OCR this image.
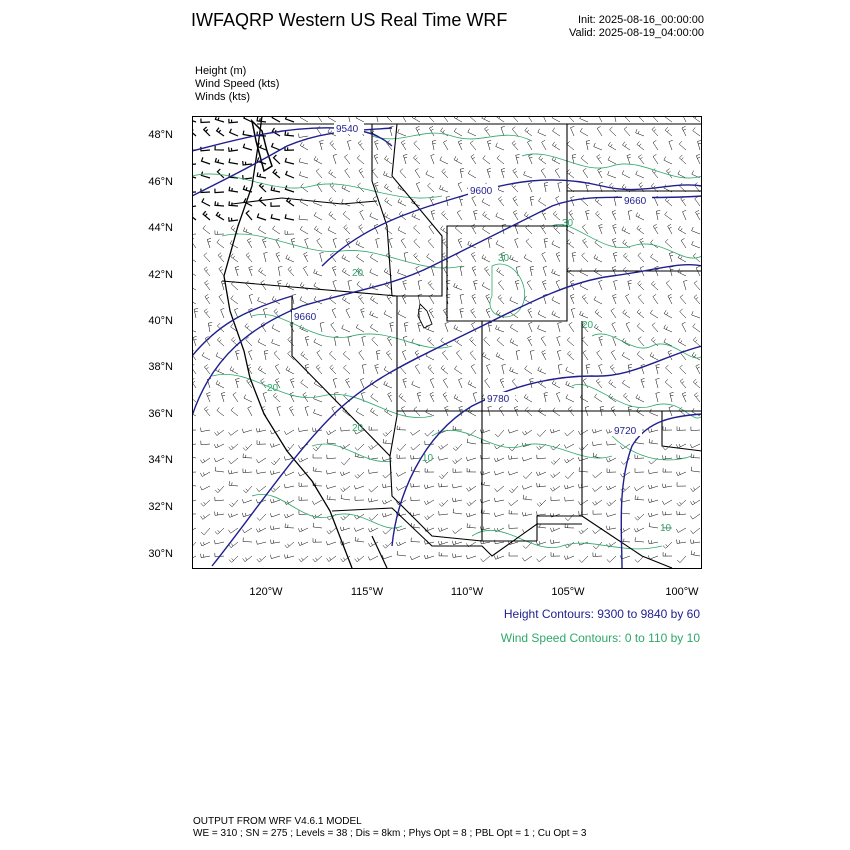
IWFAQRP Western US Real Time WRF	Init: 2025-08-16_00:00:00
Valid: 2025-08-19_04:00:00
Height (m)
Wind Speed (kts)
Winds (kts)
48°N
46°N
44°N
42°N
40°N
38°N
36°N
34°N
32°N
30°N
120°W	115°W	110°W	105°W	100°W
9540
9600
9660
9660
9720
9780
20
30
30
20
20
20
10
10
Height Contours: 9300 to 9840 by 60
Wind Speed Contours: 0 to 110 by 10
OUTPUT FROM WRF V4.6.1 MODEL
WE = 310 ; SN = 275 ; Levels = 38 ; Dis = 8km ; Phys Opt = 8 ; PBL Opt = 1 ; Cu Opt = 3
